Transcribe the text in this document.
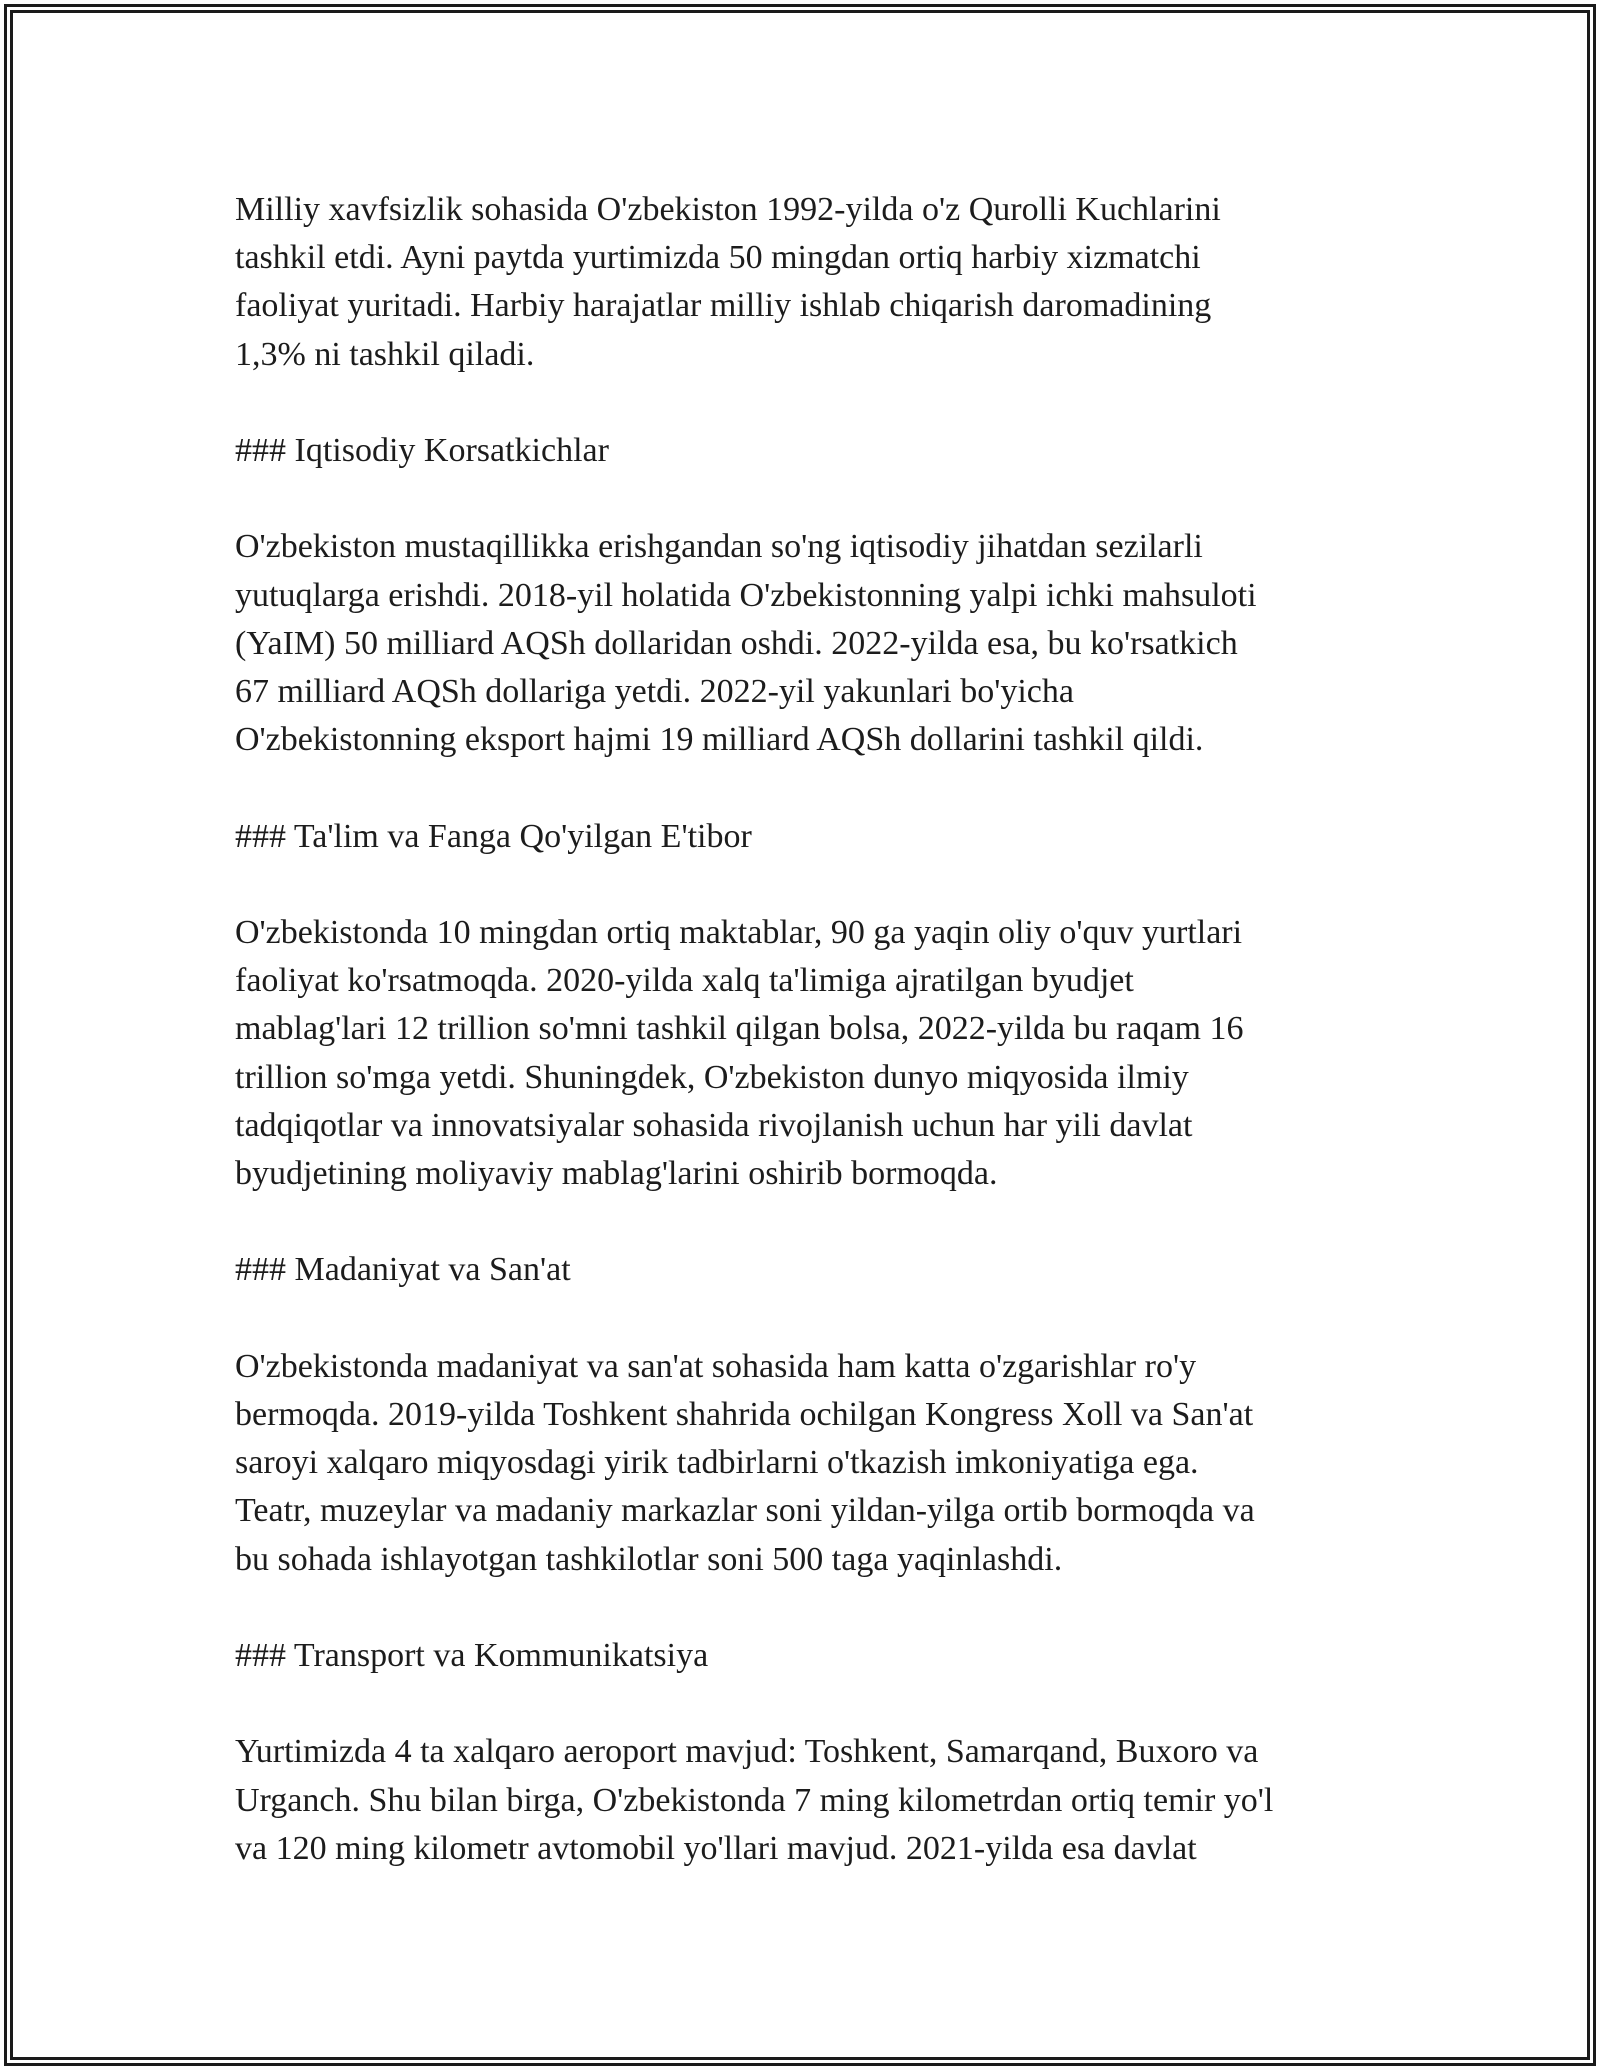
Milliy xavfsizlik sohasida O'zbekiston 1992-yilda o'z Qurolli Kuchlarini
tashkil etdi. Ayni paytda yurtimizda 50 mingdan ortiq harbiy xizmatchi
faoliyat yuritadi. Harbiy harajatlar milliy ishlab chiqarish daromadining
1,3% ni tashkil qiladi.
### Iqtisodiy Korsatkichlar
O'zbekiston mustaqillikka erishgandan so'ng iqtisodiy jihatdan sezilarli
yutuqlarga erishdi. 2018-yil holatida O'zbekistonning yalpi ichki mahsuloti
(YaIM) 50 milliard AQSh dollaridan oshdi. 2022-yilda esa, bu ko'rsatkich
67 milliard AQSh dollariga yetdi. 2022-yil yakunlari bo'yicha
O'zbekistonning eksport hajmi 19 milliard AQSh dollarini tashkil qildi.
### Ta'lim va Fanga Qo'yilgan E'tibor
O'zbekistonda 10 mingdan ortiq maktablar, 90 ga yaqin oliy o'quv yurtlari
faoliyat ko'rsatmoqda. 2020-yilda xalq ta'limiga ajratilgan byudjet
mablag'lari 12 trillion so'mni tashkil qilgan bolsa, 2022-yilda bu raqam 16
trillion so'mga yetdi. Shuningdek, O'zbekiston dunyo miqyosida ilmiy
tadqiqotlar va innovatsiyalar sohasida rivojlanish uchun har yili davlat
byudjetining moliyaviy mablag'larini oshirib bormoqda.
### Madaniyat va San'at
O'zbekistonda madaniyat va san'at sohasida ham katta o'zgarishlar ro'y
bermoqda. 2019-yilda Toshkent shahrida ochilgan Kongress Xoll va San'at
saroyi xalqaro miqyosdagi yirik tadbirlarni o'tkazish imkoniyatiga ega.
Teatr, muzeylar va madaniy markazlar soni yildan-yilga ortib bormoqda va
bu sohada ishlayotgan tashkilotlar soni 500 taga yaqinlashdi.
### Transport va Kommunikatsiya
Yurtimizda 4 ta xalqaro aeroport mavjud: Toshkent, Samarqand, Buxoro va
Urganch. Shu bilan birga, O'zbekistonda 7 ming kilometrdan ortiq temir yo'l
va 120 ming kilometr avtomobil yo'llari mavjud. 2021-yilda esa davlat
